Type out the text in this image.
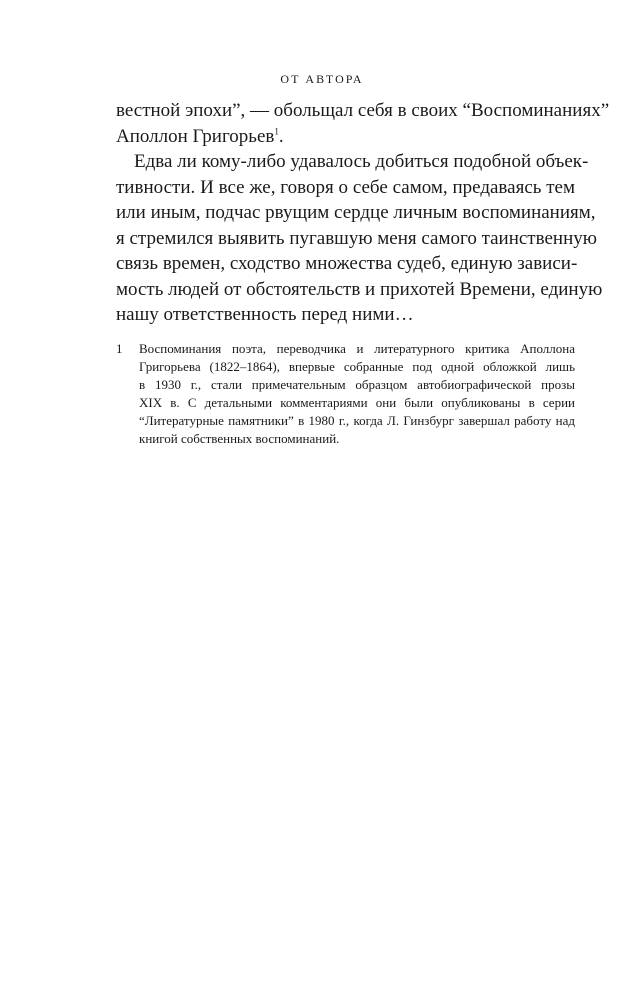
ОТ АВТОРА
вестной эпохи”, — обольщал себя в своих “Воспоминаниях”
Аполлон Григорьев$^1$.
Едва ли кому-либо удавалось добиться подобной объек-
тивности. И все же, говоря о себе самом, предаваясь тем
или иным, подчас рвущим сердце личным воспоминаниям,
я стремился выявить пугавшую меня самого таинственную
связь времен, сходство множества судеб, единую зависи-
мость людей от обстоятельств и прихотей Времени, единую
нашу ответственность перед ними…
1 Воспоминания поэта, переводчика и литературного критика Аполлона
Григорьева (1822–1864), впервые собранные под одной обложкой лишь
в 1930 г., стали примечательным образцом автобиографической прозы
XIX в. С детальными комментариями они были опубликованы в серии
“Литературные памятники” в 1980 г., когда Л. Гинзбург завершал работу над
книгой собственных воспоминаний.
